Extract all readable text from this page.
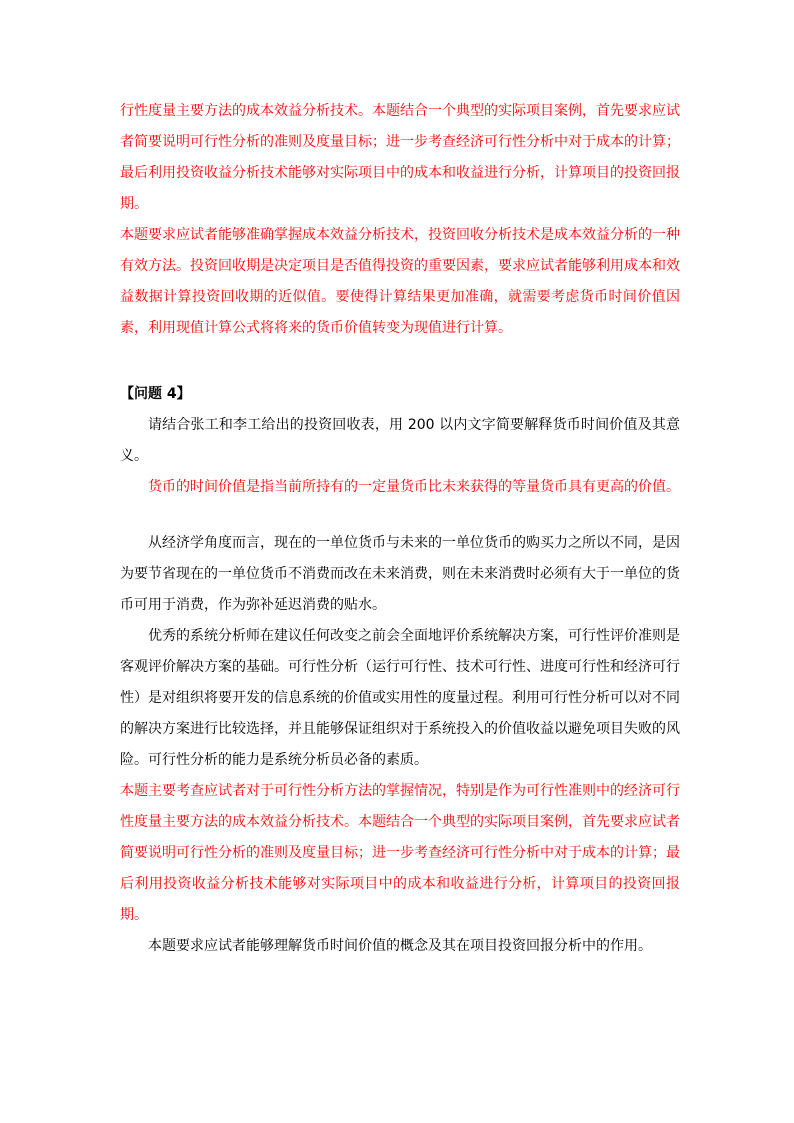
行性度量主要方法的成本效益分析技术。本题结合一个典型的实际项目案例，首先要求应试者简要说明可行性分析的准则及度量目标；进一步考查经济可行性分析中对于成本的计算；最后利用投资收益分析技术能够对实际项目中的成本和收益进行分析，计算项目的投资回报期。

本题要求应试者能够准确掌握成本效益分析技术，投资回收分析技术是成本效益分析的一种有效方法。投资回收期是决定项目是否值得投资的重要因素，要求应试者能够利用成本和效益数据计算投资回收期的近似值。要使得计算结果更加准确，就需要考虑货币时间价值因素，利用现值计算公式将将来的货币价值转变为现值进行计算。

【问题 4】

请结合张工和李工给出的投资回收表，用 200 以内文字简要解释货币时间价值及其意义。

货币的时间价值是指当前所持有的一定量货币比未来获得的等量货币具有更高的价值。

从经济学角度而言，现在的一单位货币与未来的一单位货币的购买力之所以不同，是因为要节省现在的一单位货币不消费而改在未来消费，则在未来消费时必须有大于一单位的货币可用于消费，作为弥补延迟消费的贴水。

优秀的系统分析师在建议任何改变之前会全面地评价系统解决方案，可行性评价准则是客观评价解决方案的基础。可行性分析（运行可行性、技术可行性、进度可行性和经济可行性）是对组织将要开发的信息系统的价值或实用性的度量过程。利用可行性分析可以对不同的解决方案进行比较选择，并且能够保证组织对于系统投入的价值收益以避免项目失败的风险。可行性分析的能力是系统分析员必备的素质。

本题主要考查应试者对于可行性分析方法的掌握情况，特别是作为可行性准则中的经济可行性度量主要方法的成本效益分析技术。本题结合一个典型的实际项目案例，首先要求应试者简要说明可行性分析的准则及度量目标；进一步考查经济可行性分析中对于成本的计算；最后利用投资收益分析技术能够对实际项目中的成本和收益进行分析，计算项目的投资回报期。

本题要求应试者能够理解货币时间价值的概念及其在项目投资回报分析中的作用。
